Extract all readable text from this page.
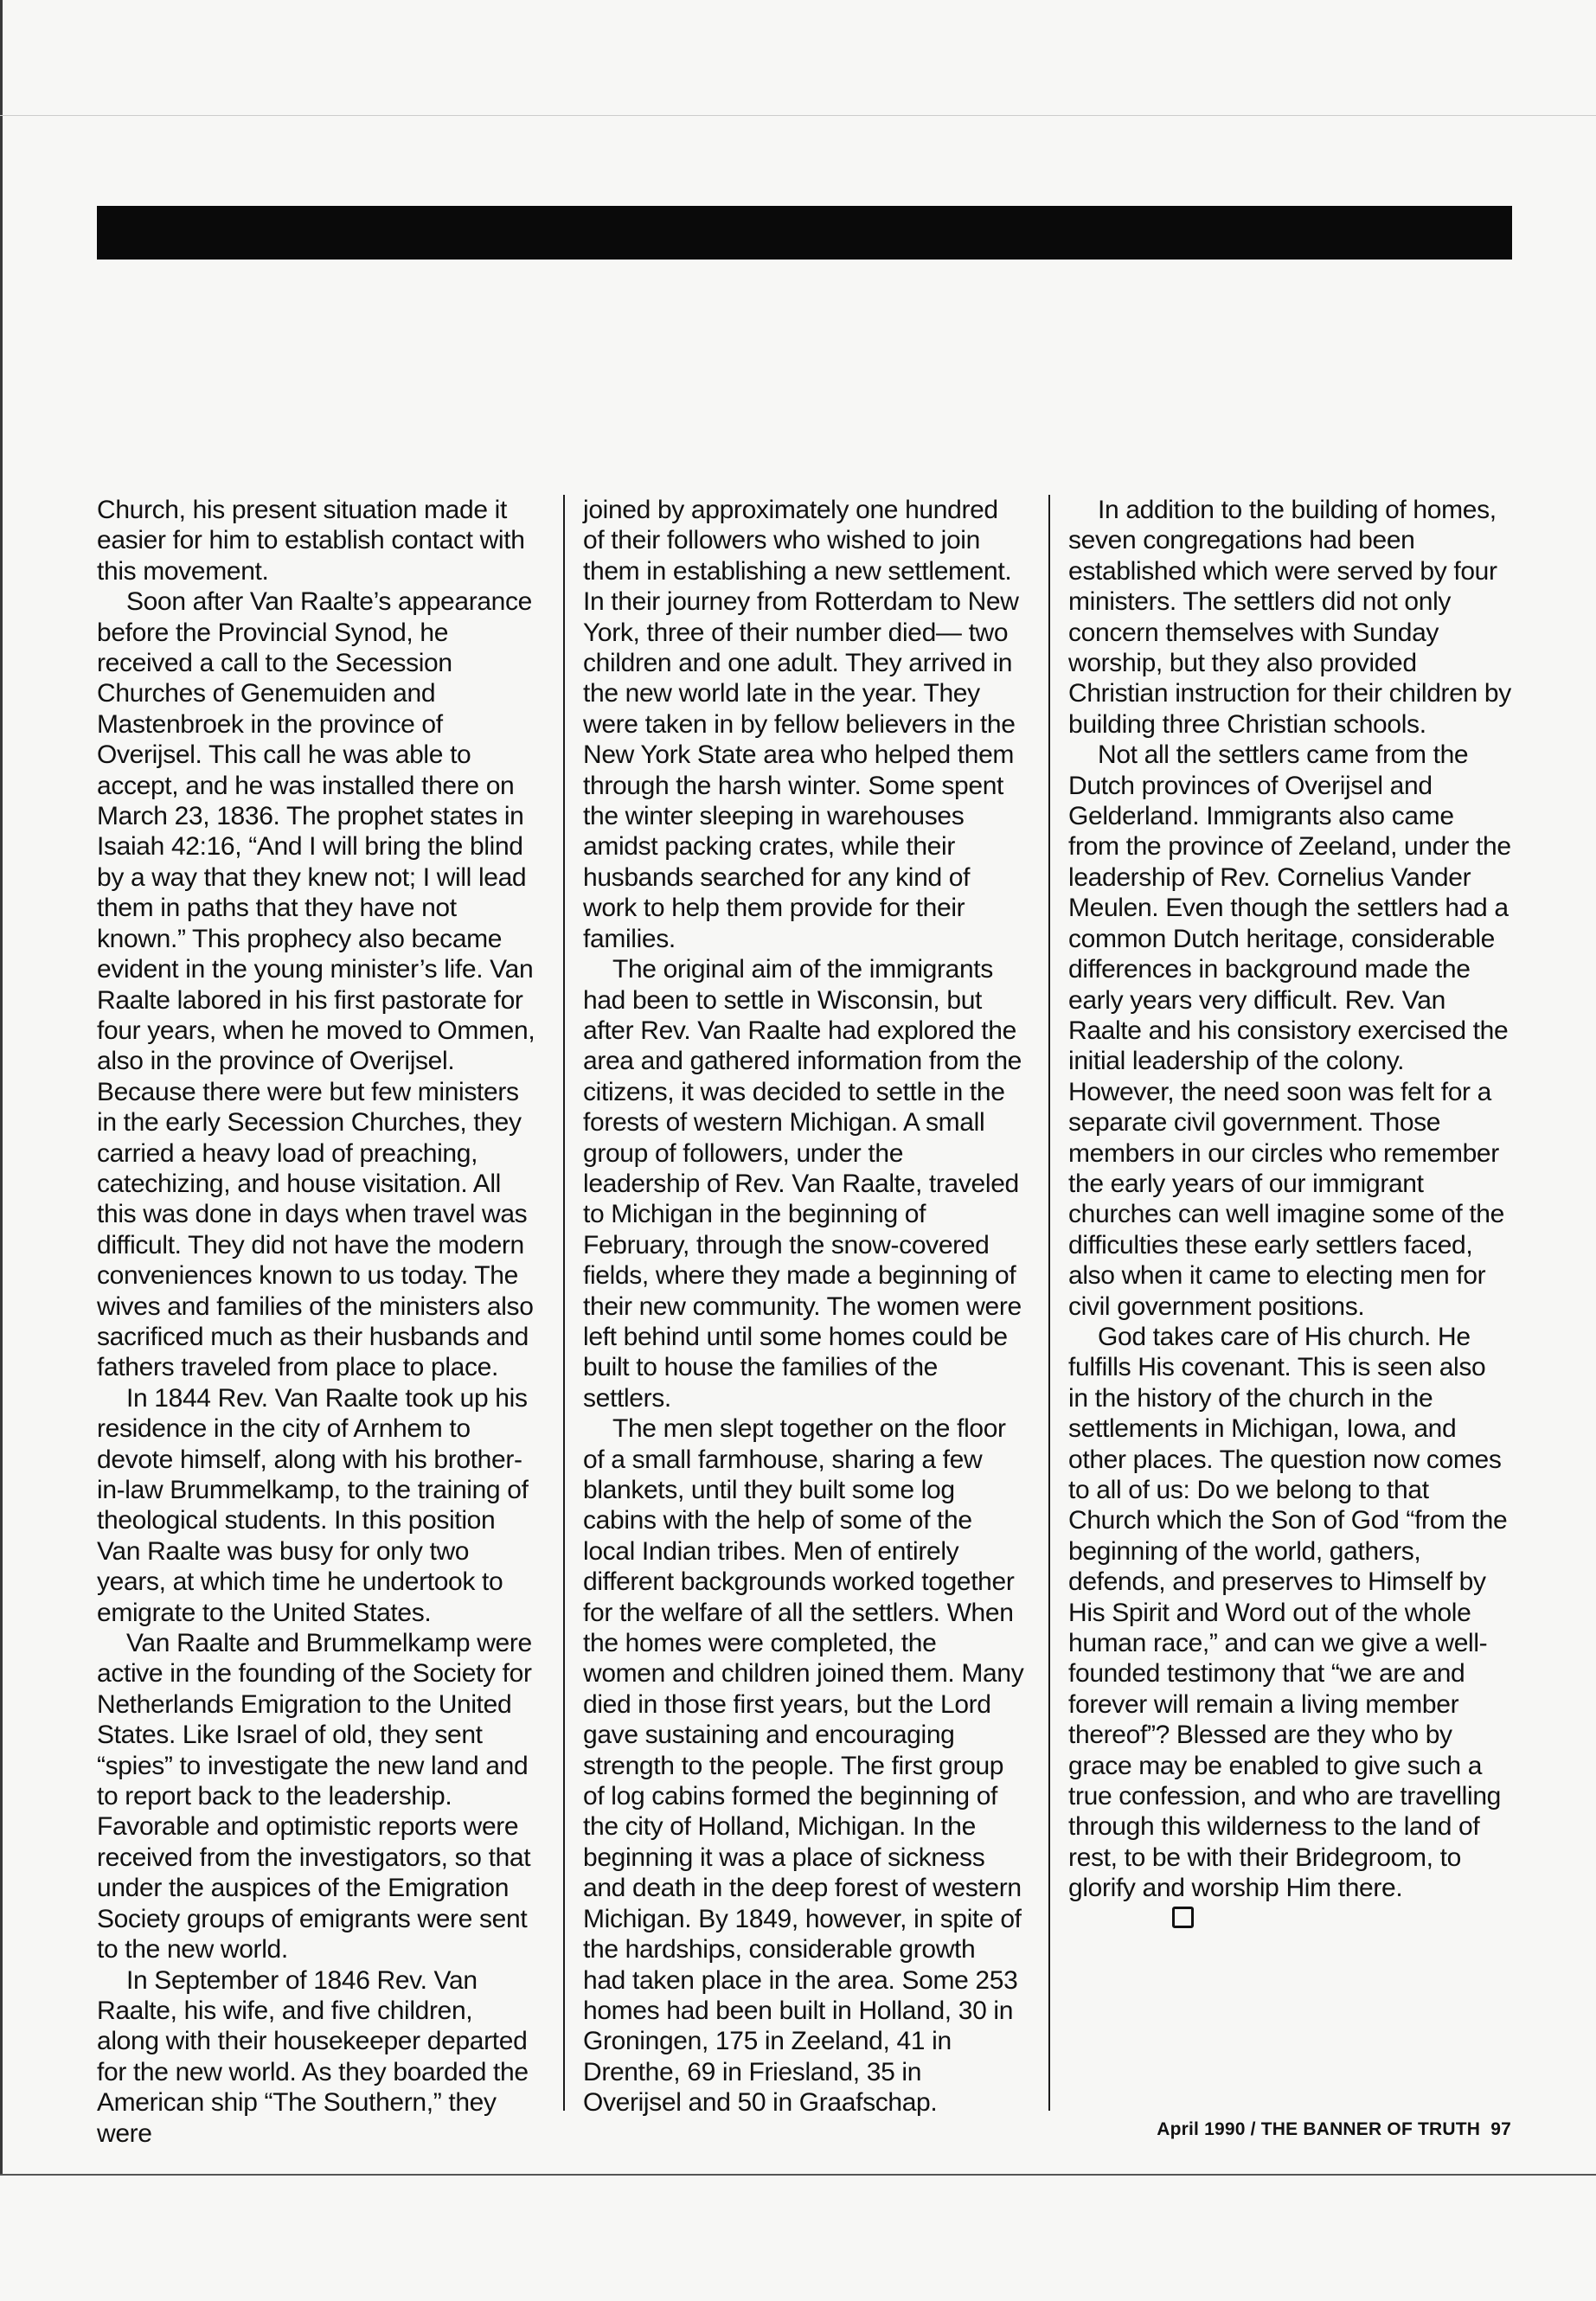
Church, his present situation made it easier for him to establish contact with this movement.

Soon after Van Raalte’s appearance before the Provincial Synod, he received a call to the Secession Churches of Genemuiden and Mastenbroek in the province of Overijsel. This call he was able to accept, and he was installed there on March 23, 1836. The prophet states in Isaiah 42:16, “And I will bring the blind by a way that they knew not; I will lead them in paths that they have not known.” This prophecy also became evident in the young minister’s life. Van Raalte labored in his first pastorate for four years, when he moved to Ommen, also in the province of Overijsel. Because there were but few ministers in the early Secession Churches, they carried a heavy load of preaching, catechizing, and house visitation. All this was done in days when travel was difficult. They did not have the modern conveniences known to us today. The wives and families of the ministers also sacrificed much as their husbands and fathers traveled from place to place.

In 1844 Rev. Van Raalte took up his residence in the city of Arnhem to devote himself, along with his brother-in-law Brummelkamp, to the training of theological students. In this position Van Raalte was busy for only two years, at which time he undertook to emigrate to the United States.

Van Raalte and Brummelkamp were active in the founding of the Society for Netherlands Emigration to the United States. Like Israel of old, they sent “spies” to investigate the new land and to report back to the leadership. Favorable and optimistic reports were received from the investigators, so that under the auspices of the Emigration Society groups of emigrants were sent to the new world.

In September of 1846 Rev. Van Raalte, his wife, and five children, along with their housekeeper departed for the new world. As they boarded the American ship “The Southern,” they were

joined by approximately one hundred of their followers who wished to join them in establishing a new settlement. In their journey from Rotterdam to New York, three of their number died— two children and one adult. They arrived in the new world late in the year. They were taken in by fellow believers in the New York State area who helped them through the harsh winter. Some spent the winter sleeping in warehouses amidst packing crates, while their husbands searched for any kind of work to help them provide for their families.

The original aim of the immigrants had been to settle in Wisconsin, but after Rev. Van Raalte had explored the area and gathered information from the citizens, it was decided to settle in the forests of western Michigan. A small group of followers, under the leadership of Rev. Van Raalte, traveled to Michigan in the beginning of February, through the snow-covered fields, where they made a beginning of their new community. The women were left behind until some homes could be built to house the families of the settlers.

The men slept together on the floor of a small farmhouse, sharing a few blankets, until they built some log cabins with the help of some of the local Indian tribes. Men of entirely different backgrounds worked together for the welfare of all the settlers. When the homes were completed, the women and children joined them. Many died in those first years, but the Lord gave sustaining and encouraging strength to the people. The first group of log cabins formed the beginning of the city of Holland, Michigan. In the beginning it was a place of sickness and death in the deep forest of western Michigan. By 1849, however, in spite of the hardships, considerable growth had taken place in the area. Some 253 homes had been built in Holland, 30 in Groningen, 175 in Zeeland, 41 in Drenthe, 69 in Friesland, 35 in Overijsel and 50 in Graafschap.

In addition to the building of homes, seven congregations had been established which were served by four ministers. The settlers did not only concern themselves with Sunday worship, but they also provided Christian instruction for their children by building three Christian schools.

Not all the settlers came from the Dutch provinces of Overijsel and Gelderland. Immigrants also came from the province of Zeeland, under the leadership of Rev. Cornelius Vander Meulen. Even though the settlers had a common Dutch heritage, considerable differences in background made the early years very difficult. Rev. Van Raalte and his consistory exercised the initial leadership of the colony. However, the need soon was felt for a separate civil government. Those members in our circles who remember the early years of our immigrant churches can well imagine some of the difficulties these early settlers faced, also when it came to electing men for civil government positions.

God takes care of His church. He fulfills His covenant. This is seen also in the history of the church in the settlements in Michigan, Iowa, and other places. The question now comes to all of us: Do we belong to that Church which the Son of God “from the beginning of the world, gathers, defends, and preserves to Himself by His Spirit and Word out of the whole human race,” and can we give a well-founded testimony that “we are and forever will remain a living member thereof”? Blessed are they who by grace may be enabled to give such a true confession, and who are travelling through this wilderness to the land of rest, to be with their Bridegroom, to glorify and worship Him there.

April 1990 / THE BANNER OF TRUTH 97
